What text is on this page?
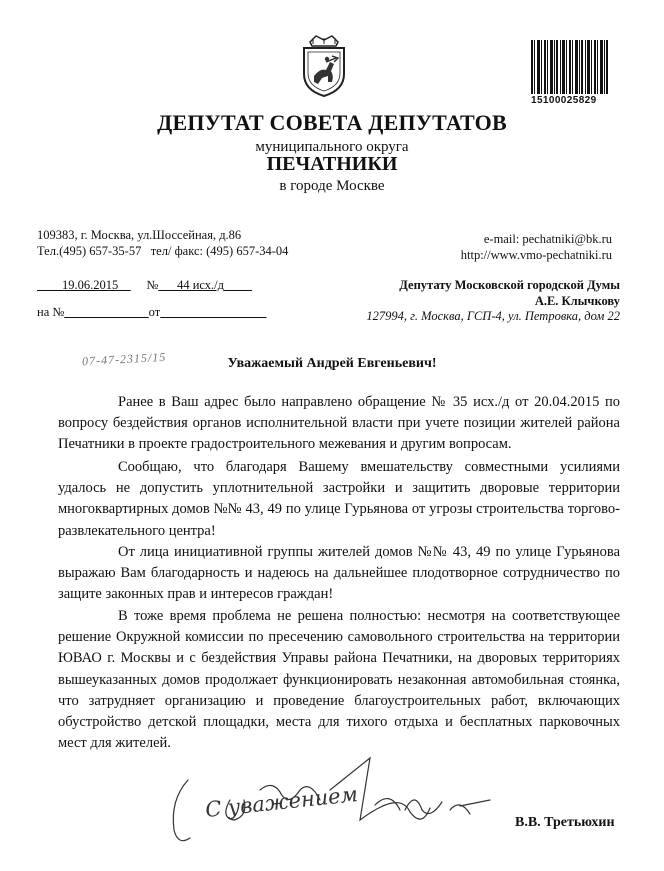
15100025829
ДЕПУТАТ СОВЕТА ДЕПУТАТОВ
муниципального округа
ПЕЧАТНИКИ
в городе Москве
109383, г. Москва, ул.Шоссейная, д.86
Тел.(495) 657-35-57   тел/ факс: (495) 657-34-04
e-mail: pechatniki@bk.ru
http://www.vmo-pechatniki.ru
19.06.2015 № 44 исх./д
на №	от
Депутату Московской городской Думы
А.Е. Клычкову
127994, г. Москва, ГСП-4, ул. Петровка, дом 22
07-47-2315/15	Уважаемый Андрей Евгеньевич!

Ранее в Ваш адрес было направлено обращение № 35 исх./д от 20.04.2015 по вопросу бездействия органов исполнительной власти при учете позиции жителей района Печатники в проекте градостроительного межевания и другим вопросам.

Сообщаю, что благодаря Вашему вмешательству совместными усилиями удалось не допустить уплотнительной застройки и защитить дворовые территории многоквартирных домов №№ 43, 49 по улице Гурьянова от угрозы строительства торгово-развлекательного центра!

От лица инициативной группы жителей домов №№ 43, 49 по улице Гурьянова выражаю Вам благодарность и надеюсь на дальнейшее плодотворное сотрудничество по защите законных прав и интересов граждан!

В тоже время проблема не решена полностью: несмотря на соответствующее решение Окружной комиссии по пресечению самовольного строительства на территории ЮВАО г. Москвы и с бездействия Управы района Печатники, на дворовых территориях вышеуказанных домов продолжает функционировать незаконная автомобильная стоянка, что затрудняет организацию и проведение благоустроительных работ, включающих обустройство детской площадки, места для тихого отдыха и бесплатных парковочных мест для жителей.

С уважением
В.В. Третьюхин
